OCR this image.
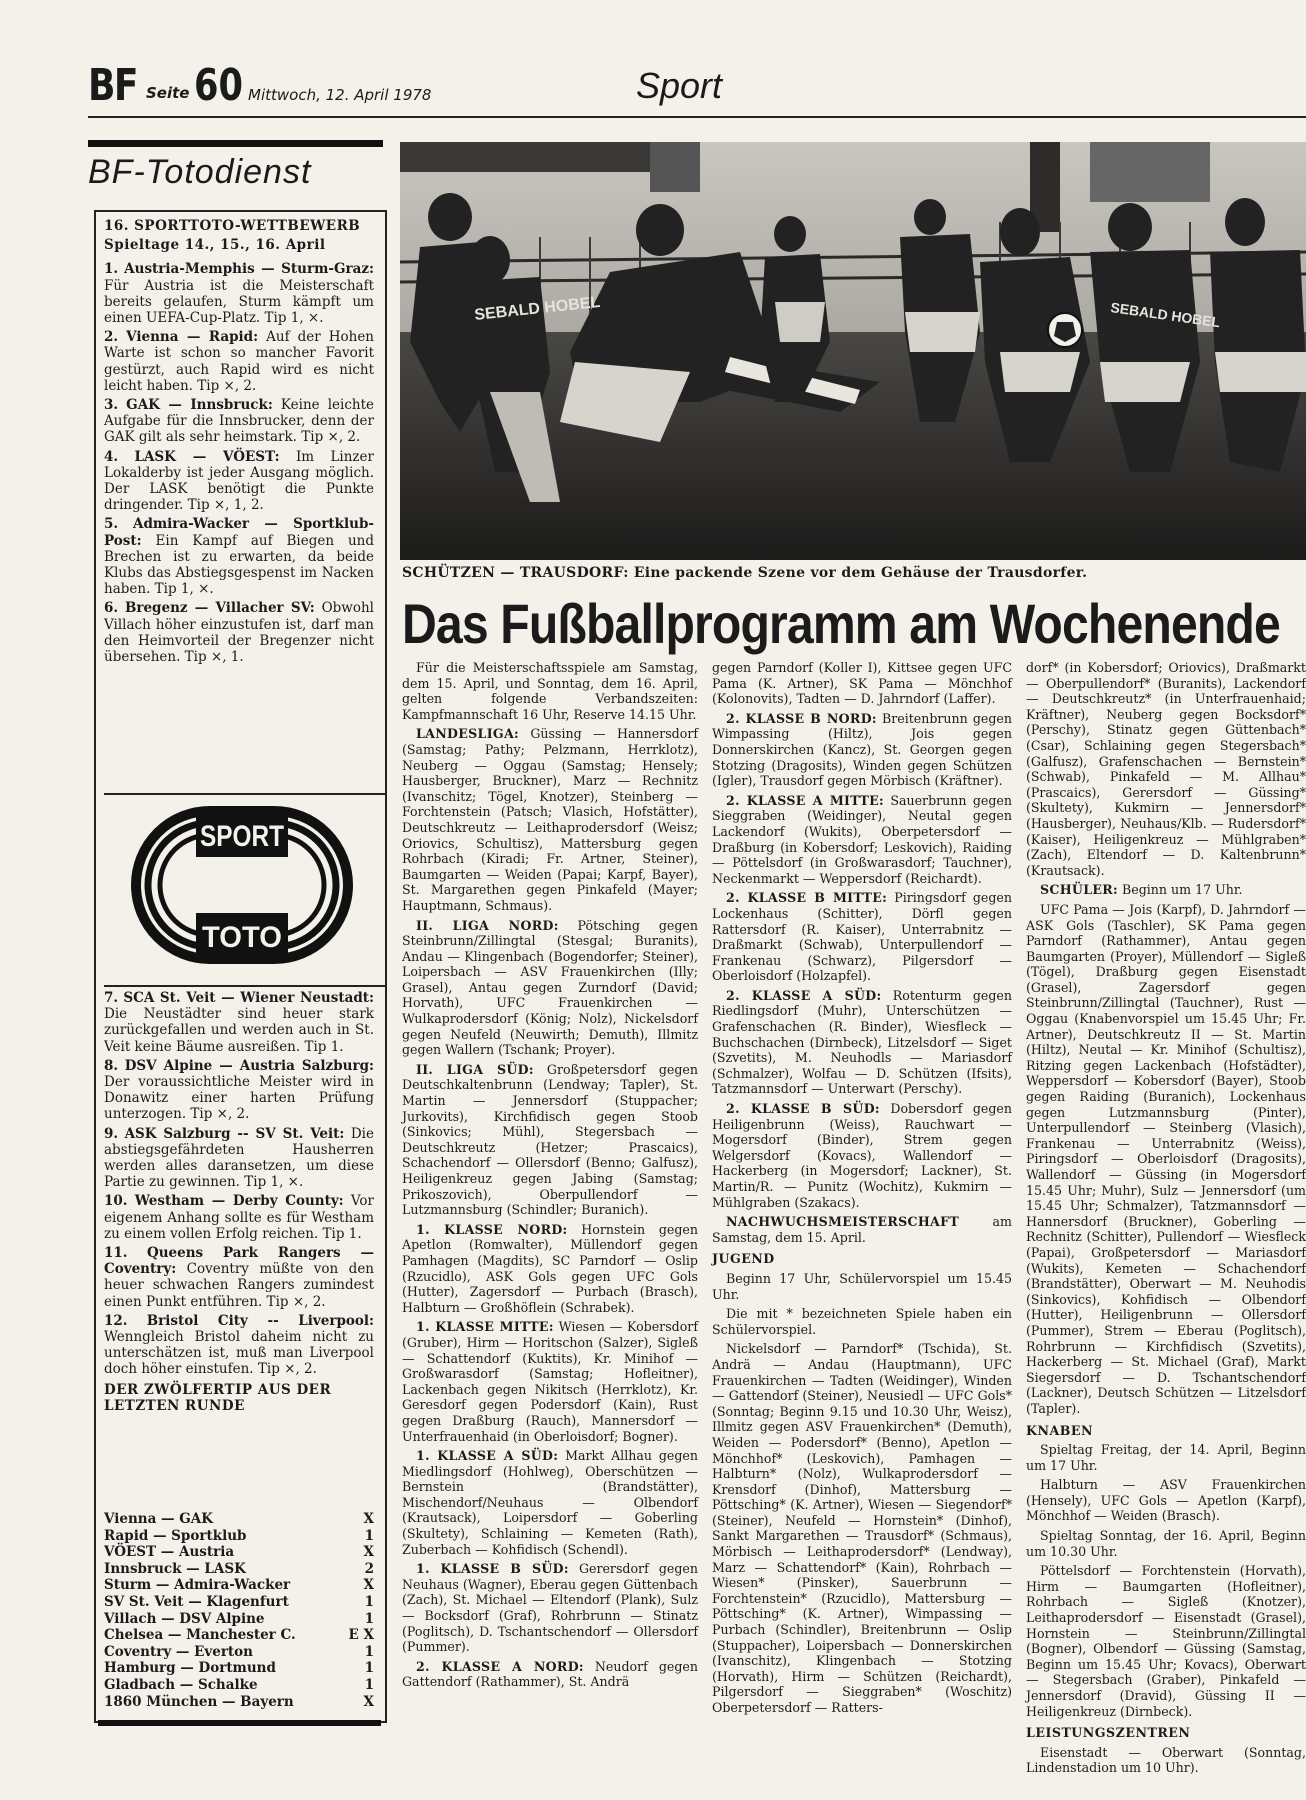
BF Seite 60 Mittwoch, 12. April 1978	Sport
BF-Totodienst

16. SPORTTOTO-WETTBEWERB

Spieltage 14., 15., 16. April

1. Austria-Memphis — Sturm-Graz: Für Austria ist die Meisterschaft bereits gelaufen, Sturm kämpft um einen UEFA-Cup-Platz. Tip 1, ×.

2. Vienna — Rapid: Auf der Hohen Warte ist schon so mancher Favorit gestürzt, auch Rapid wird es nicht leicht haben. Tip ×, 2.

3. GAK — Innsbruck: Keine leichte Aufgabe für die Innsbrucker, denn der GAK gilt als sehr heimstark. Tip ×, 2.

4. LASK — VÖEST: Im Linzer Lokalderby ist jeder Ausgang möglich. Der LASK benötigt die Punkte dringender. Tip ×, 1, 2.

5. Admira-Wacker — Sportklub-Post: Ein Kampf auf Biegen und Brechen ist zu erwarten, da beide Klubs das Abstiegsgespenst im Nacken haben. Tip 1, ×.

6. Bregenz — Villacher SV: Obwohl Villach höher einzustufen ist, darf man den Heimvorteil der Bregenzer nicht übersehen. Tip ×, 1.

SPORT
TOTO

7. SCA St. Veit — Wiener Neustadt: Die Neustädter sind heuer stark zurückgefallen und werden auch in St. Veit keine Bäume ausreißen. Tip 1.

8. DSV Alpine — Austria Salzburg: Der voraussichtliche Meister wird in Donawitz einer harten Prüfung unterzogen. Tip ×, 2.

9. ASK Salzburg -- SV St. Veit: Die abstiegsgefährdeten Hausherren werden alles daransetzen, um diese Partie zu gewinnen. Tip 1, ×.

10. Westham — Derby County: Vor eigenem Anhang sollte es für Westham zu einem vollen Erfolg reichen. Tip 1.

11. Queens Park Rangers — Coventry: Coventry müßte von den heuer schwachen Rangers zumindest einen Punkt entführen. Tip ×, 2.

12. Bristol City -- Liverpool: Wenngleich Bristol daheim nicht zu unterschätzen ist, muß man Liverpool doch höher einstufen. Tip ×, 2.

DER ZWÖLFERTIP AUS DER LETZTEN RUNDE

Vienna — GAK	X
Rapid — Sportklub	1
VÖEST — Austria	X
Innsbruck — LASK	2
Sturm — Admira-Wacker	X
SV St. Veit — Klagenfurt	1
Villach — DSV Alpine	1
Chelsea — Manchester C.	E X
Coventry — Everton	1
Hamburg — Dortmund	1
Gladbach — Schalke	1
1860 München — Bayern	X
SEBALD HOBEL	SEBALD HOBEL
SCHÜTZEN — TRAUSDORF: Eine packende Szene vor dem Gehäuse der Trausdorfer.
Das Fußballprogramm am Wochenende

Für die Meisterschaftsspiele am Samstag, dem 15. April, und Sonntag, dem 16. April, gelten folgende Verbandszeiten: Kampfmannschaft 16 Uhr, Reserve 14.15 Uhr.

LANDESLIGA: Güssing — Hannersdorf (Samstag; Pathy; Pelzmann, Herrklotz), Neuberg — Oggau (Samstag; Hensely; Hausberger, Bruckner), Marz — Rechnitz (Ivanschitz; Tögel, Knotzer), Steinberg — Forchtenstein (Patsch; Vlasich, Hofstätter), Deutschkreutz — Leithaprodersdorf (Weisz; Oriovics, Schultisz), Mattersburg gegen Rohrbach (Kiradi; Fr. Artner, Steiner), Baumgarten — Weiden (Papai; Karpf, Bayer), St. Margarethen gegen Pinkafeld (Mayer; Hauptmann, Schmaus).

II. LIGA NORD: Pötsching gegen Steinbrunn/Zillingtal (Stesgal; Buranits), Andau — Klingenbach (Bogendorfer; Steiner), Loipersbach — ASV Frauenkirchen (Illy; Grasel), Antau gegen Zurndorf (David; Horvath), UFC Frauenkirchen — Wulkaprodersdorf (König; Nolz), Nickelsdorf gegen Neufeld (Neuwirth; Demuth), Illmitz gegen Wallern (Tschank; Proyer).

II. LIGA SÜD: Großpetersdorf gegen Deutschkaltenbrunn (Lendway; Tapler), St. Martin — Jennersdorf (Stuppacher; Jurkovits), Kirchfidisch gegen Stoob (Sinkovics; Mühl), Stegersbach — Deutschkreutz (Hetzer; Prascaics), Schachendorf — Ollersdorf (Benno; Galfusz), Heiligenkreuz gegen Jabing (Samstag; Prikoszovich), Oberpullendorf — Lutzmannsburg (Schindler; Buranich).

1. KLASSE NORD: Hornstein gegen Apetlon (Romwalter), Müllendorf gegen Pamhagen (Magdits), SC Parndorf — Oslip (Rzucidlo), ASK Gols gegen UFC Gols (Hutter), Zagersdorf — Purbach (Brasch), Halbturn — Großhöflein (Schrabek).

1. KLASSE MITTE: Wiesen — Kobersdorf (Gruber), Hirm — Horitschon (Salzer), Sigleß — Schattendorf (Kuktits), Kr. Minihof — Großwarasdorf (Samstag; Hofleitner), Lackenbach gegen Nikitsch (Herrklotz), Kr. Geresdorf gegen Podersdorf (Kain), Rust gegen Draßburg (Rauch), Mannersdorf — Unterfrauenhaid (in Oberloisdorf; Bogner).

1. KLASSE A SÜD: Markt Allhau gegen Miedlingsdorf (Hohlweg), Oberschützen — Bernstein (Brandstätter), Mischendorf/Neuhaus — Olbendorf (Krautsack), Loipersdorf — Goberling (Skultety), Schlaining — Kemeten (Rath), Zuberbach — Kohfidisch (Schendl).

1. KLASSE B SÜD: Gerersdorf gegen Neuhaus (Wagner), Eberau gegen Güttenbach (Zach), St. Michael — Eltendorf (Plank), Sulz — Bocksdorf (Graf), Rohrbrunn — Stinatz (Poglitsch), D. Tschantschendorf — Ollersdorf (Pummer).

2. KLASSE A NORD: Neudorf gegen Gattendorf (Rathammer), St. Andrä

gegen Parndorf (Koller I), Kittsee gegen UFC Pama (K. Artner), SK Pama — Mönchhof (Kolonovits), Tadten — D. Jahrndorf (Laffer).

2. KLASSE B NORD: Breitenbrunn gegen Wimpassing (Hiltz), Jois gegen Donnerskirchen (Kancz), St. Georgen gegen Stotzing (Dragosits), Winden gegen Schützen (Igler), Trausdorf gegen Mörbisch (Kräftner).

2. KLASSE A MITTE: Sauerbrunn gegen Sieggraben (Weidinger), Neutal gegen Lackendorf (Wukits), Oberpetersdorf — Draßburg (in Kobersdorf; Leskovich), Raiding — Pöttelsdorf (in Großwarasdorf; Tauchner), Neckenmarkt — Weppersdorf (Reichardt).

2. KLASSE B MITTE: Piringsdorf gegen Lockenhaus (Schitter), Dörfl gegen Rattersdorf (R. Kaiser), Unterrabnitz — Draßmarkt (Schwab), Unterpullendorf — Frankenau (Schwarz), Pilgersdorf — Oberloisdorf (Holzapfel).

2. KLASSE A SÜD: Rotenturm gegen Riedlingsdorf (Muhr), Unterschützen — Grafenschachen (R. Binder), Wiesfleck — Buchschachen (Dirnbeck), Litzelsdorf — Siget (Szvetits), M. Neuhodls — Mariasdorf (Schmalzer), Wolfau — D. Schützen (Ifsits), Tatzmannsdorf — Unterwart (Perschy).

2. KLASSE B SÜD: Dobersdorf gegen Heiligenbrunn (Weiss), Rauchwart — Mogersdorf (Binder), Strem gegen Welgersdorf (Kovacs), Wallendorf — Hackerberg (in Mogersdorf; Lackner), St. Martin/R. — Punitz (Wochitz), Kukmirn — Mühlgraben (Szakacs).

NACHWUCHSMEISTERSCHAFT	am Samstag, dem 15. April.

JUGEND

Beginn 17 Uhr, Schülervorspiel um 15.45 Uhr.

Die mit * bezeichneten Spiele haben ein Schülervorspiel.

Nickelsdorf — Parndorf* (Tschida), St. Andrä — Andau (Hauptmann), UFC Frauenkirchen — Tadten (Weidinger), Winden — Gattendorf (Steiner), Neusiedl — UFC Gols* (Sonntag; Beginn 9.15 und 10.30 Uhr, Weisz), Illmitz gegen ASV Frauenkirchen* (Demuth), Weiden — Podersdorf* (Benno), Apetlon — Mönchhof* (Leskovich), Pamhagen — Halbturn* (Nolz), Wulkaprodersdorf — Krensdorf (Dinhof), Mattersburg — Pöttsching* (K. Artner), Wiesen — Siegendorf* (Steiner), Neufeld — Hornstein* (Dinhof), Sankt Margarethen — Trausdorf* (Schmaus), Mörbisch — Leithaprodersdorf* (Lendway), Marz — Schattendorf* (Kain), Rohrbach — Wiesen* (Pinsker), Sauerbrunn — Forchtenstein* (Rzucidlo), Mattersburg — Pöttsching* (K. Artner), Wimpassing — Purbach (Schindler), Breitenbrunn — Oslip (Stuppacher), Loipersbach — Donnerskirchen (Ivanschitz), Klingenbach — Stotzing (Horvath), Hirm — Schützen (Reichardt), Pilgersdorf — Sieggraben* (Woschitz) Oberpetersdorf — Ratters-

dorf* (in Kobersdorf; Oriovics), Draßmarkt — Oberpullendorf* (Buranits), Lackendorf — Deutschkreutz* (in Unterfrauenhaid; Kräftner), Neuberg gegen Bocksdorf* (Perschy), Stinatz gegen Güttenbach* (Csar), Schlaining gegen Stegersbach* (Galfusz), Grafenschachen — Bernstein* (Schwab), Pinkafeld — M. Allhau* (Prascaics), Gerersdorf — Güssing* (Skultety), Kukmirn — Jennersdorf* (Hausberger), Neuhaus/Klb. — Rudersdorf* (Kaiser), Heiligenkreuz — Mühlgraben* (Zach), Eltendorf — D. Kaltenbrunn* (Krautsack).

SCHÜLER: Beginn um 17 Uhr.

UFC Pama — Jois (Karpf), D. Jahrndorf — ASK Gols (Taschler), SK Pama gegen Parndorf (Rathammer), Antau gegen Baumgarten (Proyer), Müllendorf — Sigleß (Tögel), Draßburg gegen Eisenstadt (Grasel), Zagersdorf gegen Steinbrunn/Zillingtal (Tauchner), Rust — Oggau (Knabenvorspiel um 15.45 Uhr; Fr. Artner), Deutschkreutz II — St. Martin (Hiltz), Neutal — Kr. Minihof (Schultisz), Ritzing gegen Lackenbach (Hofstädter), Weppersdorf — Kobersdorf (Bayer), Stoob gegen Raiding (Buranich), Lockenhaus gegen Lutzmannsburg (Pinter), Unterpullendorf — Steinberg (Vlasich), Frankenau — Unterrabnitz (Weiss), Piringsdorf — Oberloisdorf (Dragosits), Wallendorf — Güssing (in Mogersdorf 15.45 Uhr; Muhr), Sulz — Jennersdorf (um 15.45 Uhr; Schmalzer), Tatzmannsdorf — Hannersdorf (Bruckner), Goberling — Rechnitz (Schitter), Pullendorf — Wiesfleck (Papai), Großpetersdorf — Mariasdorf (Wukits), Kemeten — Schachendorf (Brandstätter), Oberwart — M. Neuhodis (Sinkovics), Kohfidisch — Olbendorf (Hutter), Heiligenbrunn — Ollersdorf (Pummer), Strem — Eberau (Poglitsch), Rohrbrunn — Kirchfidisch (Szvetits), Hackerberg — St. Michael (Graf), Markt Siegersdorf — D. Tschantschendorf (Lackner), Deutsch Schützen — Litzelsdorf (Tapler).

KNABEN

Spieltag Freitag, der 14. April, Beginn um 17 Uhr.

Halbturn — ASV Frauenkirchen (Hensely), UFC Gols — Apetlon (Karpf), Mönchhof — Weiden (Brasch).

Spieltag Sonntag, der 16. April, Beginn um 10.30 Uhr.

Pöttelsdorf — Forchtenstein (Horvath), Hirm — Baumgarten (Hofleitner), Rohrbach — Sigleß (Knotzer), Leithaprodersdorf — Eisenstadt (Grasel), Hornstein — Steinbrunn/Zillingtal (Bogner), Olbendorf — Güssing (Samstag, Beginn um 15.45 Uhr; Kovacs), Oberwart — Stegersbach (Graber), Pinkafeld — Jennersdorf (Dravid), Güssing II — Heiligenkreuz (Dirnbeck).

LEISTUNGSZENTREN

Eisenstadt — Oberwart (Sonntag, Lindenstadion um 10 Uhr).
